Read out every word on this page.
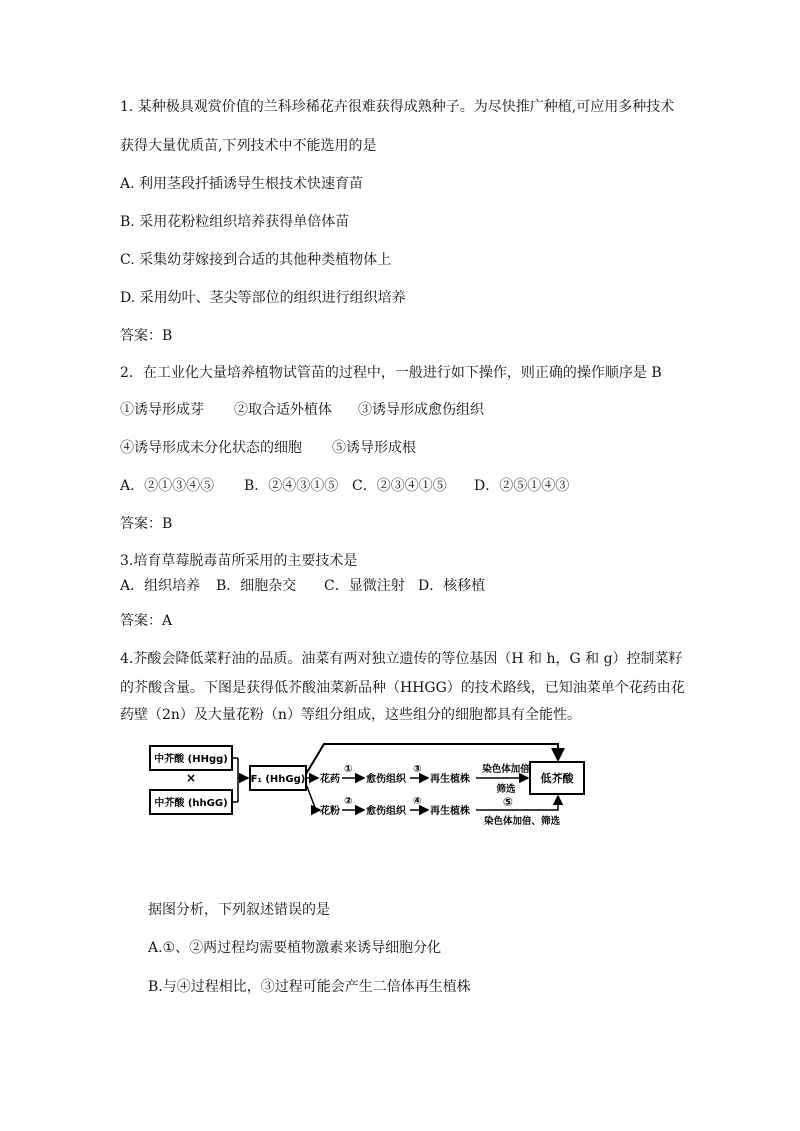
1. 某种极具观赏价值的兰科珍稀花卉很难获得成熟种子。为尽快推广种植,可应用多种技术
获得大量优质苗,下列技术中不能选用的是
A. 利用茎段扦插诱导生根技术快速育苗
B. 采用花粉粒组织培养获得单倍体苗
C. 采集幼芽嫁接到合适的其他种类植物体上
D. 采用幼叶、茎尖等部位的组织进行组织培养
答案：B
2．在工业化大量培养植物试管苗的过程中，一般进行如下操作，则正确的操作顺序是 B
①诱导形成芽 ②取合适外植体 ③诱导形成愈伤组织
④诱导形成未分化状态的细胞 ⑤诱导形成根
A．②①③④⑤ B．②④③①⑤ C．②③④①⑤ D．②⑤①④③
答案：B
3.培育草莓脱毒苗所采用的主要技术是
A．组织培养 B．细胞杂交 C．显微注射 D．核移植
答案：A
4.芥酸会降低菜籽油的品质。油菜有两对独立遗传的等位基因（H 和 h，G 和 g）控制菜籽
的芥酸含量。下图是获得低芥酸油菜新品种（HHGG）的技术路线，已知油菜单个花药由花
药壁（2n）及大量花粉（n）等组分组成，这些组分的细胞都具有全能性。
中芥酸 (HHgg)
×
中芥酸 (hhGG)
F₁ (HhGg) 花药
①
愈伤组织
③
再生植株
染色体加倍
筛选
花粉
②
愈伤组织
④
再生植株
⑤
染色体加倍、筛选
低芥酸
据图分析，下列叙述错误的是
A.①、②两过程均需要植物激素来诱导细胞分化
B.与④过程相比，③过程可能会产生二倍体再生植株
